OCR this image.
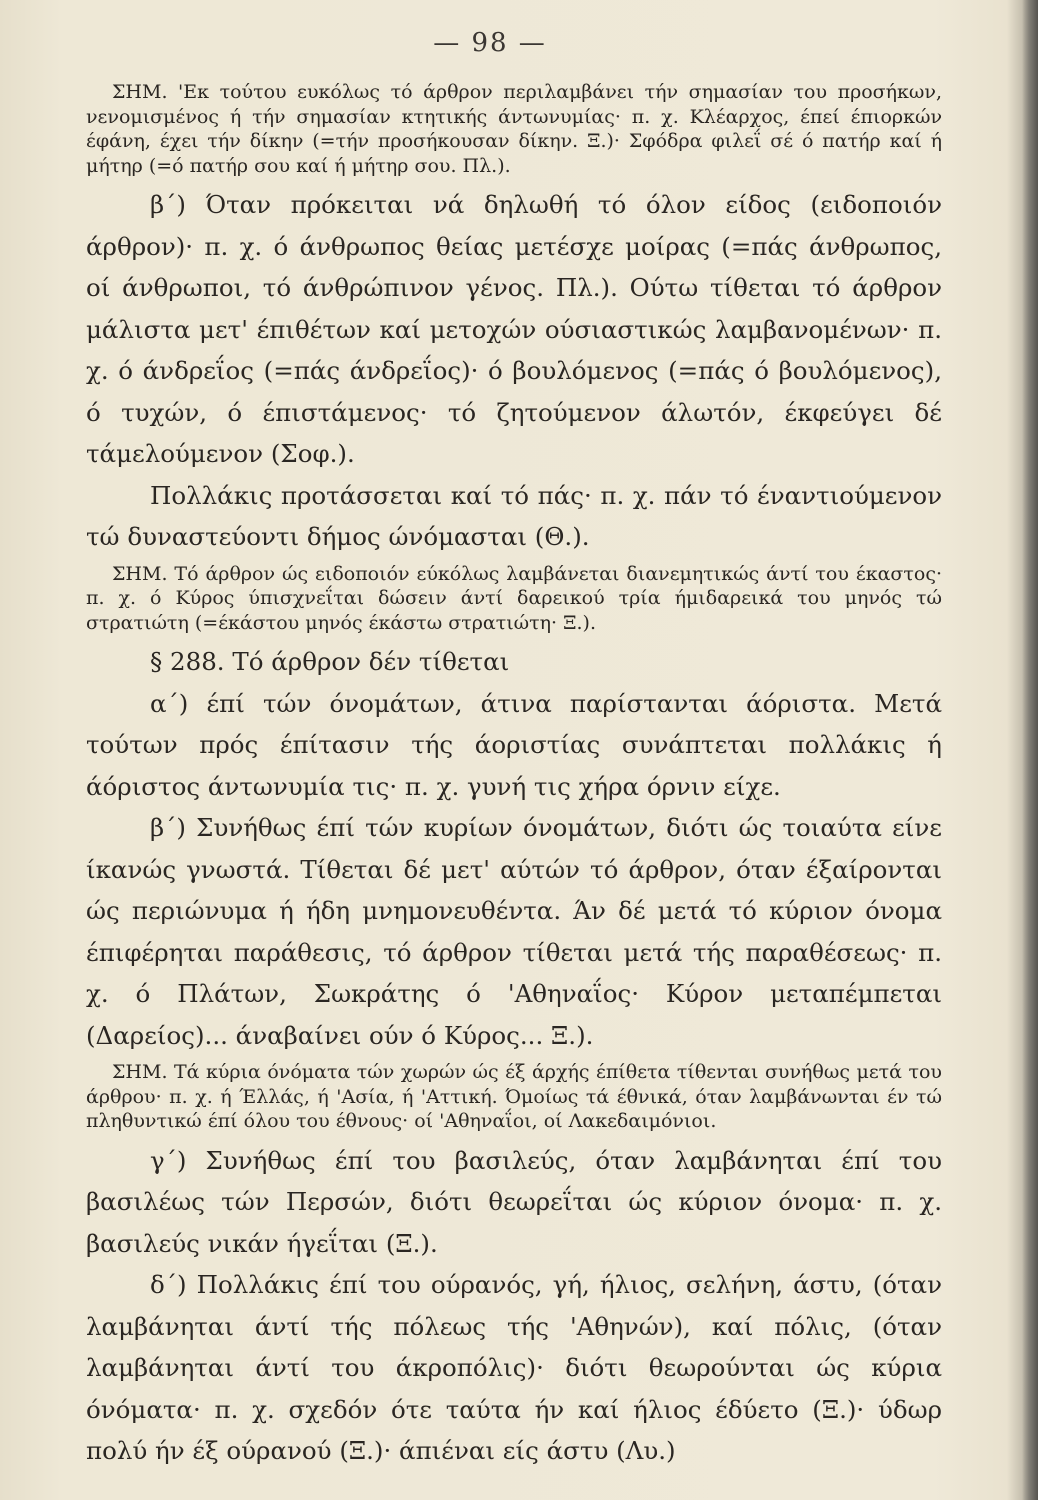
— 98 —

ΣΗΜ. 'Εκ τούτου ευκόλως τό άρθρον περιλαμβάνει τήν σημασίαν του προσήκων, νενομισμένος ή τήν σημασίαν κτητικής άντωνυμίας· π. χ. Κλέαρχος, έπεί έπιορκών έφάνη, έχει τήν δίκην (=τήν προσήκουσαν δίκην. Ξ.)· Σφόδρα φιλεΐ σέ ό πατήρ καί ή μήτηρ (=ό πατήρ σου καί ή μήτηρ σου. Πλ.).

β΄) Όταν πρόκειται νά δηλωθή τό όλον είδος (ειδοποιόν άρθρον)· π. χ. ό άνθρωπος θείας μετέσχε μοίρας (=πάς άνθρωπος, οί άνθρωποι, τό άνθρώπινον γένος. Πλ.). Ούτω τίθεται τό άρθρον μάλιστα μετ' έπιθέτων καί μετοχών ούσιαστικώς λαμβανομένων· π. χ. ό άνδρεΐος (=πάς άνδρεΐος)· ό βουλόμενος (=πάς ό βουλόμενος), ό τυχών, ό έπιστάμενος· τό ζητούμενον άλωτόν, έκφεύγει δέ τάμελούμενον (Σοφ.).

Πολλάκις προτάσσεται καί τό πάς· π. χ. πάν τό έναντιούμενον τώ δυναστεύοντι δήμος ώνόμασται (Θ.).

ΣΗΜ. Τό άρθρον ώς ειδοποιόν εύκόλως λαμβάνεται διανεμητικώς άντί του έκαστος· π. χ. ό Κύρος ύπισχνεΐται δώσειν άντί δαρεικού τρία ήμιδαρεικά του μηνός τώ στρατιώτη (=έκάστου μηνός έκάστω στρατιώτη· Ξ.).

§ 288. Τό άρθρον δέν τίθεται

α΄) έπί τών όνομάτων, άτινα παρίστανται άόριστα. Μετά τούτων πρός έπίτασιν τής άοριστίας συνάπτεται πολλάκις ή άόριστος άντωνυμία τις· π. χ. γυνή τις χήρα όρνιν είχε.

β΄) Συνήθως έπί τών κυρίων όνομάτων, διότι ώς τοιαύτα είνε ίκανώς γνωστά. Τίθεται δέ μετ' αύτών τό άρθρον, όταν έξαίρονται ώς περιώνυμα ή ήδη μνημονευθέντα. Άν δέ μετά τό κύριον όνομα έπιφέρηται παράθεσις, τό άρθρον τίθεται μετά τής παραθέσεως· π. χ. ό Πλάτων, Σωκράτης ό 'Αθηναΐος· Κύρον μεταπέμπεται (Δαρείος)... άναβαίνει ούν ό Κύρος... Ξ.).

ΣΗΜ. Τά κύρια όνόματα τών χωρών ώς έξ άρχής έπίθετα τίθενται συνήθως μετά του άρθρου· π. χ. ή Έλλάς, ή 'Ασία, ή 'Αττική. Όμοίως τά έθνικά, όταν λαμβάνωνται έν τώ πληθυντικώ έπί όλου του έθνους· οί 'Αθηναΐοι, οί Λακεδαιμόνιοι.

γ΄) Συνήθως έπί του βασιλεύς, όταν λαμβάνηται έπί του βασιλέως τών Περσών, διότι θεωρεΐται ώς κύριον όνομα· π. χ. βασιλεύς νικάν ήγεΐται (Ξ.).

δ΄) Πολλάκις έπί του ούρανός, γή, ήλιος, σελήνη, άστυ, (όταν λαμβάνηται άντί τής πόλεως τής 'Αθηνών), καί πόλις, (όταν λαμβάνηται άντί του άκροπόλις)· διότι θεωρούνται ώς κύρια όνόματα· π. χ. σχεδόν ότε ταύτα ήν καί ήλιος έδύετο (Ξ.)· ύδωρ πολύ ήν έξ ούρανού (Ξ.)· άπιέναι είς άστυ (Λυ.)
